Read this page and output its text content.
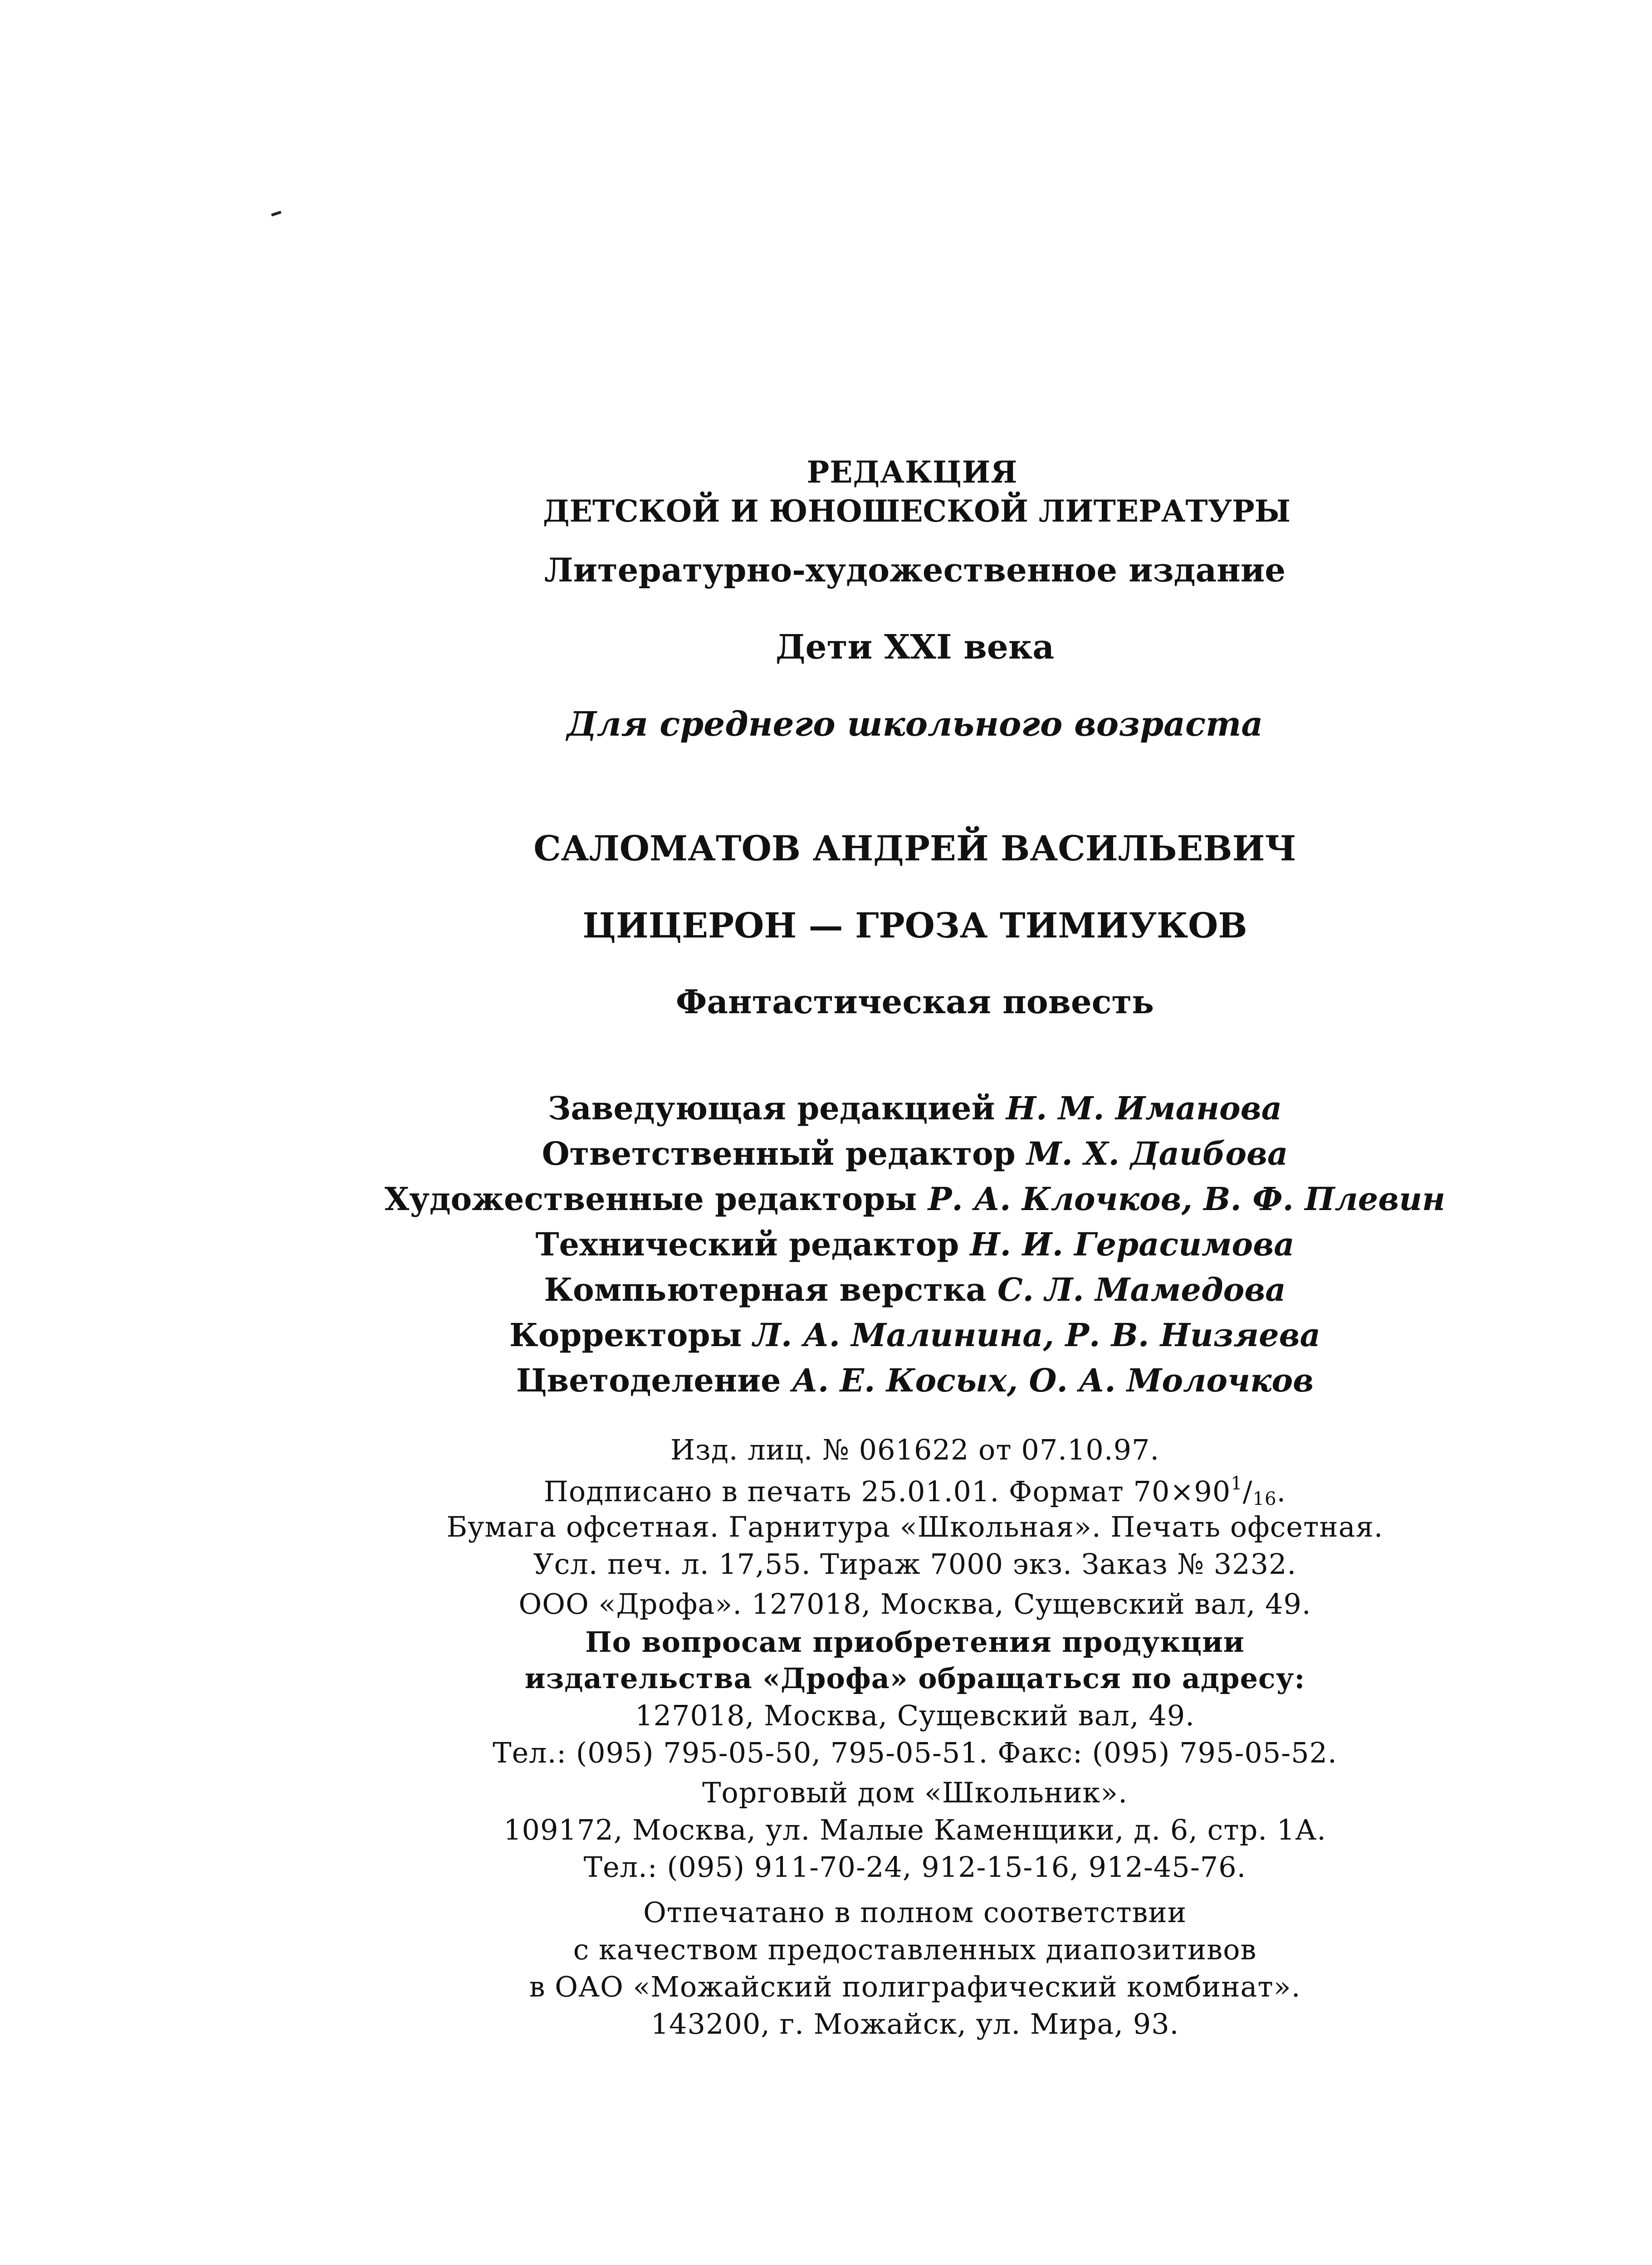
РЕДАКЦИЯ
ДЕТСКОЙ И ЮНОШЕСКОЙ ЛИТЕРАТУРЫ
Литературно-художественное издание
Дети XXI века
Для среднего школьного возраста
САЛОМАТОВ АНДРЕЙ ВАСИЛЬЕВИЧ
ЦИЦЕРОН — ГРОЗА ТИМИУКОВ
Фантастическая повесть
Заведующая редакцией Н. М. Иманова
Ответственный редактор М. Х. Даибова
Художественные редакторы Р. А. Клочков, В. Ф. Плевин
Технический редактор Н. И. Герасимова
Компьютерная верстка С. Л. Мамедова
Корректоры Л. А. Малинина, Р. В. Низяева
Цветоделение А. Е. Косых, О. А. Молочков
Изд. лиц. № 061622 от 07.10.97.
Подписано в печать 25.01.01. Формат $70\times 90^1/_{16}$.
Бумага офсетная. Гарнитура «Школьная». Печать офсетная.
Усл. печ. л. 17,55. Тираж 7000 экз. Заказ № 3232.
ООО «Дрофа». 127018, Москва, Сущевский вал, 49.
По вопросам приобретения продукции
издательства «Дрофа» обращаться по адресу:
127018, Москва, Сущевский вал, 49.
Тел.: (095) 795-05-50, 795-05-51. Факс: (095) 795-05-52.
Торговый дом «Школьник».
109172, Москва, ул. Малые Каменщики, д. 6, стр. 1А.
Тел.: (095) 911-70-24, 912-15-16, 912-45-76.
Отпечатано в полном соответствии
с качеством предоставленных диапозитивов
в ОАО «Можайский полиграфический комбинат».
143200, г. Можайск, ул. Мира, 93.
